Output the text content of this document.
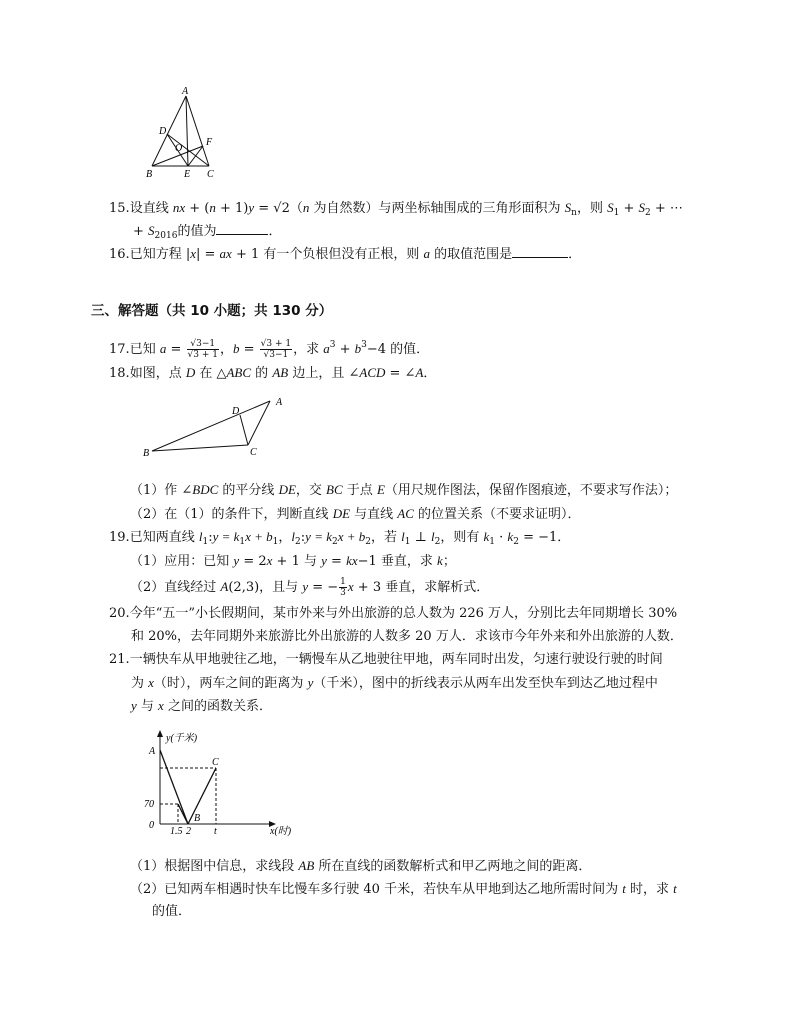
A
D
O
F
B	E C
15.设直线 nx + (n + 1)y = √2（n 为自然数）与两坐标轴围成的三角形面积为 $S_n$，则 $S_1 + S_2$ + ⋯
+ $S_{2016}$的值为	．
16.已知方程 |x| = ax + 1 有一个负根但没有正根，则 a 的取值范围是	．
三、解答题（共 10 小题；共 130 分）
17.已知 $a = \frac{√3-1}{√3 + 1}$ ，$b = \frac{√3 + 1}{√3-1}$ ，求 $a^3 + b^3-4$ 的值．
18.如图，点 D 在 △ABC 的 AB 边上，且 ∠ACD = ∠A．
A
D
B	C
（1）作 ∠BDC 的平分线 DE，交 BC 于点 E（用尺规作图法，保留作图痕迹，不要求写作法）；
（2）在（1）的条件下，判断直线 DE 与直线 AC 的位置关系（不要求证明）．
19.已知两直线 $l_1:y = k_1x + b_1$，$l_2:y = k_2x + b_2$，若 $l_1$ ⊥ $l_2$，则有 $k_1 \cdot k_2 = -1$．
（1）应用：已知 y = 2x + 1 与 y = kx−1 垂直，求 k；
（2）直线经过 A(2,3)，且与 y = − $\frac{1}{3}$ x + 3 垂直，求解析式．
20.今年“五一”小长假期间，某市外来与外出旅游的总人数为 226 万人，分别比去年同期增长 30%
和 20%，去年同期外来旅游比外出旅游的人数多 20 万人．求该市今年外来和外出旅游的人数．
21.一辆快车从甲地驶往乙地，一辆慢车从乙地驶往甲地，两车同时出发，匀速行驶设行驶的时间
为 x（时），两车之间的距离为 y（千米），图中的折线表示从两车出发至快车到达乙地过程中
y 与 x 之间的函数关系．
y(千米)
x(时)
A
C
B
70
0
1.5 2 t
（1）根据图中信息，求线段 AB 所在直线的函数解析式和甲乙两地之间的距离．
（2）已知两车相遇时快车比慢车多行驶 40 千米，若快车从甲地到达乙地所需时间为 t 时，求 t
的值．
